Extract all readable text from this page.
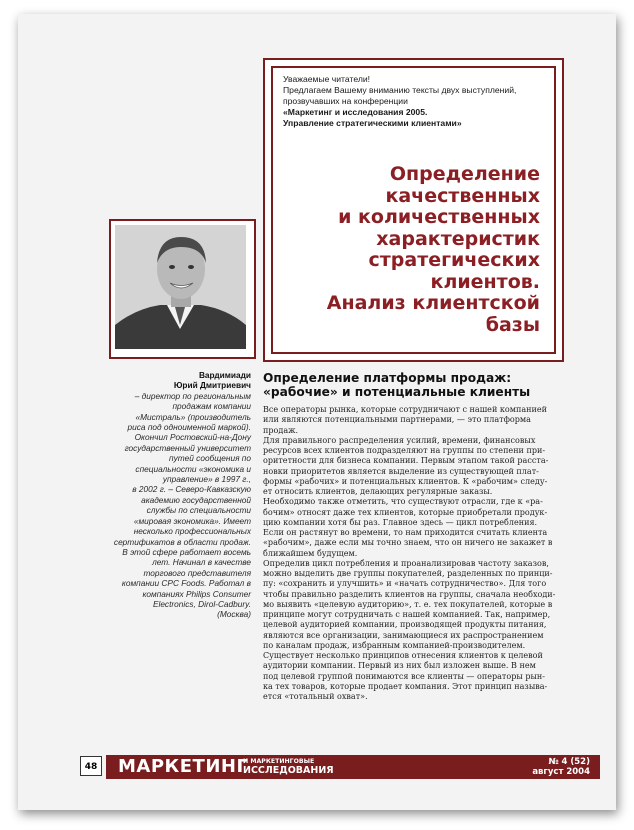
Уважаемые читатели!
Предлагаем Вашему вниманию тексты двух выступлений,
прозвучавших на конференции
«Маркетинг и исследования 2005.
Управление стратегическими клиентами»
Определение
качественных
и количественных
характеристик
стратегических
клиентов.
Анализ клиентской
базы
Вардимиади
Юрий Дмитриевич
– директор по региональным
продажам компании
«Мистраль» (производитель
риса под одноименной маркой).
Окончил Ростовский-на-Дону
государственный университет
путей сообщения по
специальности «экономика и
управление» в 1997 г.,
в 2002 г. – Северо-Кавказскую
академию государственной
службы по специальности
«мировая экономика». Имеет
несколько профессиональных
сертификатов в области продаж.
В этой сфере работает восемь
лет. Начинал в качестве
торгового представителя
компании CPC Foods. Работал в
компаниях Philips Consumer
Electronics, Dirol-Cadbury.
(Москва)
Определение платформы продаж:
«рабочие» и потенциальные клиенты
Все операторы рынка, которые сотрудничают с нашей компанией
или являются потенциальными партнерами, — это платформа
продаж.
Для правильного распределения усилий, времени, финансовых
ресурсов всех клиентов подразделяют на группы по степени при-
оритетности для бизнеса компании. Первым этапом такой расста-
новки приоритетов является выделение из существующей плат-
формы «рабочих» и потенциальных клиентов. К «рабочим» следу-
ет относить клиентов, делающих регулярные заказы.
Необходимо также отметить, что существуют отрасли, где к «ра-
бочим» относят даже тех клиентов, которые приобретали продук-
цию компании хотя бы раз. Главное здесь — цикл потребления.
Если он растянут во времени, то нам приходится считать клиента
«рабочим», даже если мы точно знаем, что он ничего не закажет в
ближайшем будущем.
Определив цикл потребления и проанализировав частоту заказов,
можно выделить две группы покупателей, разделенных по принци-
пу: «сохранить и улучшить» и «начать сотрудничество». Для того
чтобы правильно разделить клиентов на группы, сначала необходи-
мо выявить «целевую аудиторию», т. е. тех покупателей, которые в
принципе могут сотрудничать с нашей компанией. Так, например,
целевой аудиторией компании, производящей продукты питания,
являются все организации, занимающиеся их распространением
по каналам продаж, избранным компанией-производителем.
Существует несколько принципов отнесения клиентов к целевой
аудитории компании. Первый из них был изложен выше. В нем
под целевой группой понимаются все клиенты — операторы рын-
ка тех товаров, которые продает компания. Этот принцип называ-
ется «тотальный охват».
48 МАРКЕТИНГ
И МАРКЕТИНГОВЫЕ
ИССЛЕДОВАНИЯ
№ 4 (52)
август 2004
